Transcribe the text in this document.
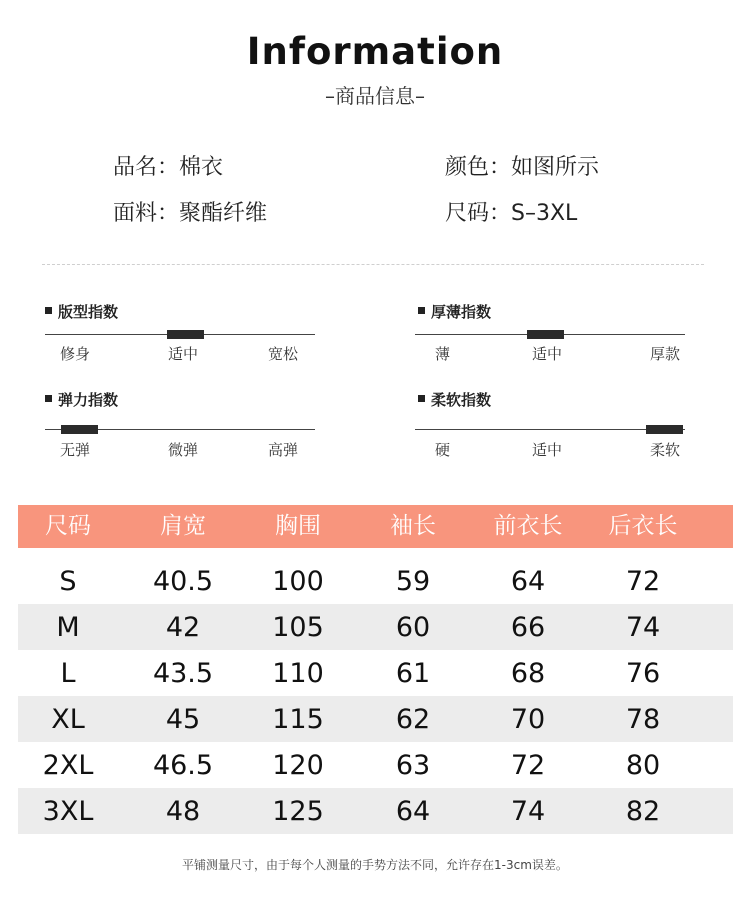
Information
–商品信息–
品名：棉衣	颜色：如图所示
面料：聚酯纤维	尺码：S–3XL
版型指数
修身	适中	宽松
厚薄指数
薄	适中	厚款
弹力指数
无弹	微弹	高弹
柔软指数
硬	适中	柔软
尺码	肩宽	胸围	袖长	前衣长	后衣长
S	40.5	100	59	64	72
M	42	105	60	66	74
L	43.5	110	61	68	76
XL	45	115	62	70	78
2XL	46.5	120	63	72	80
3XL	48	125	64	74	82
平铺测量尺寸，由于每个人测量的手势方法不同，允许存在1-3cm误差。
